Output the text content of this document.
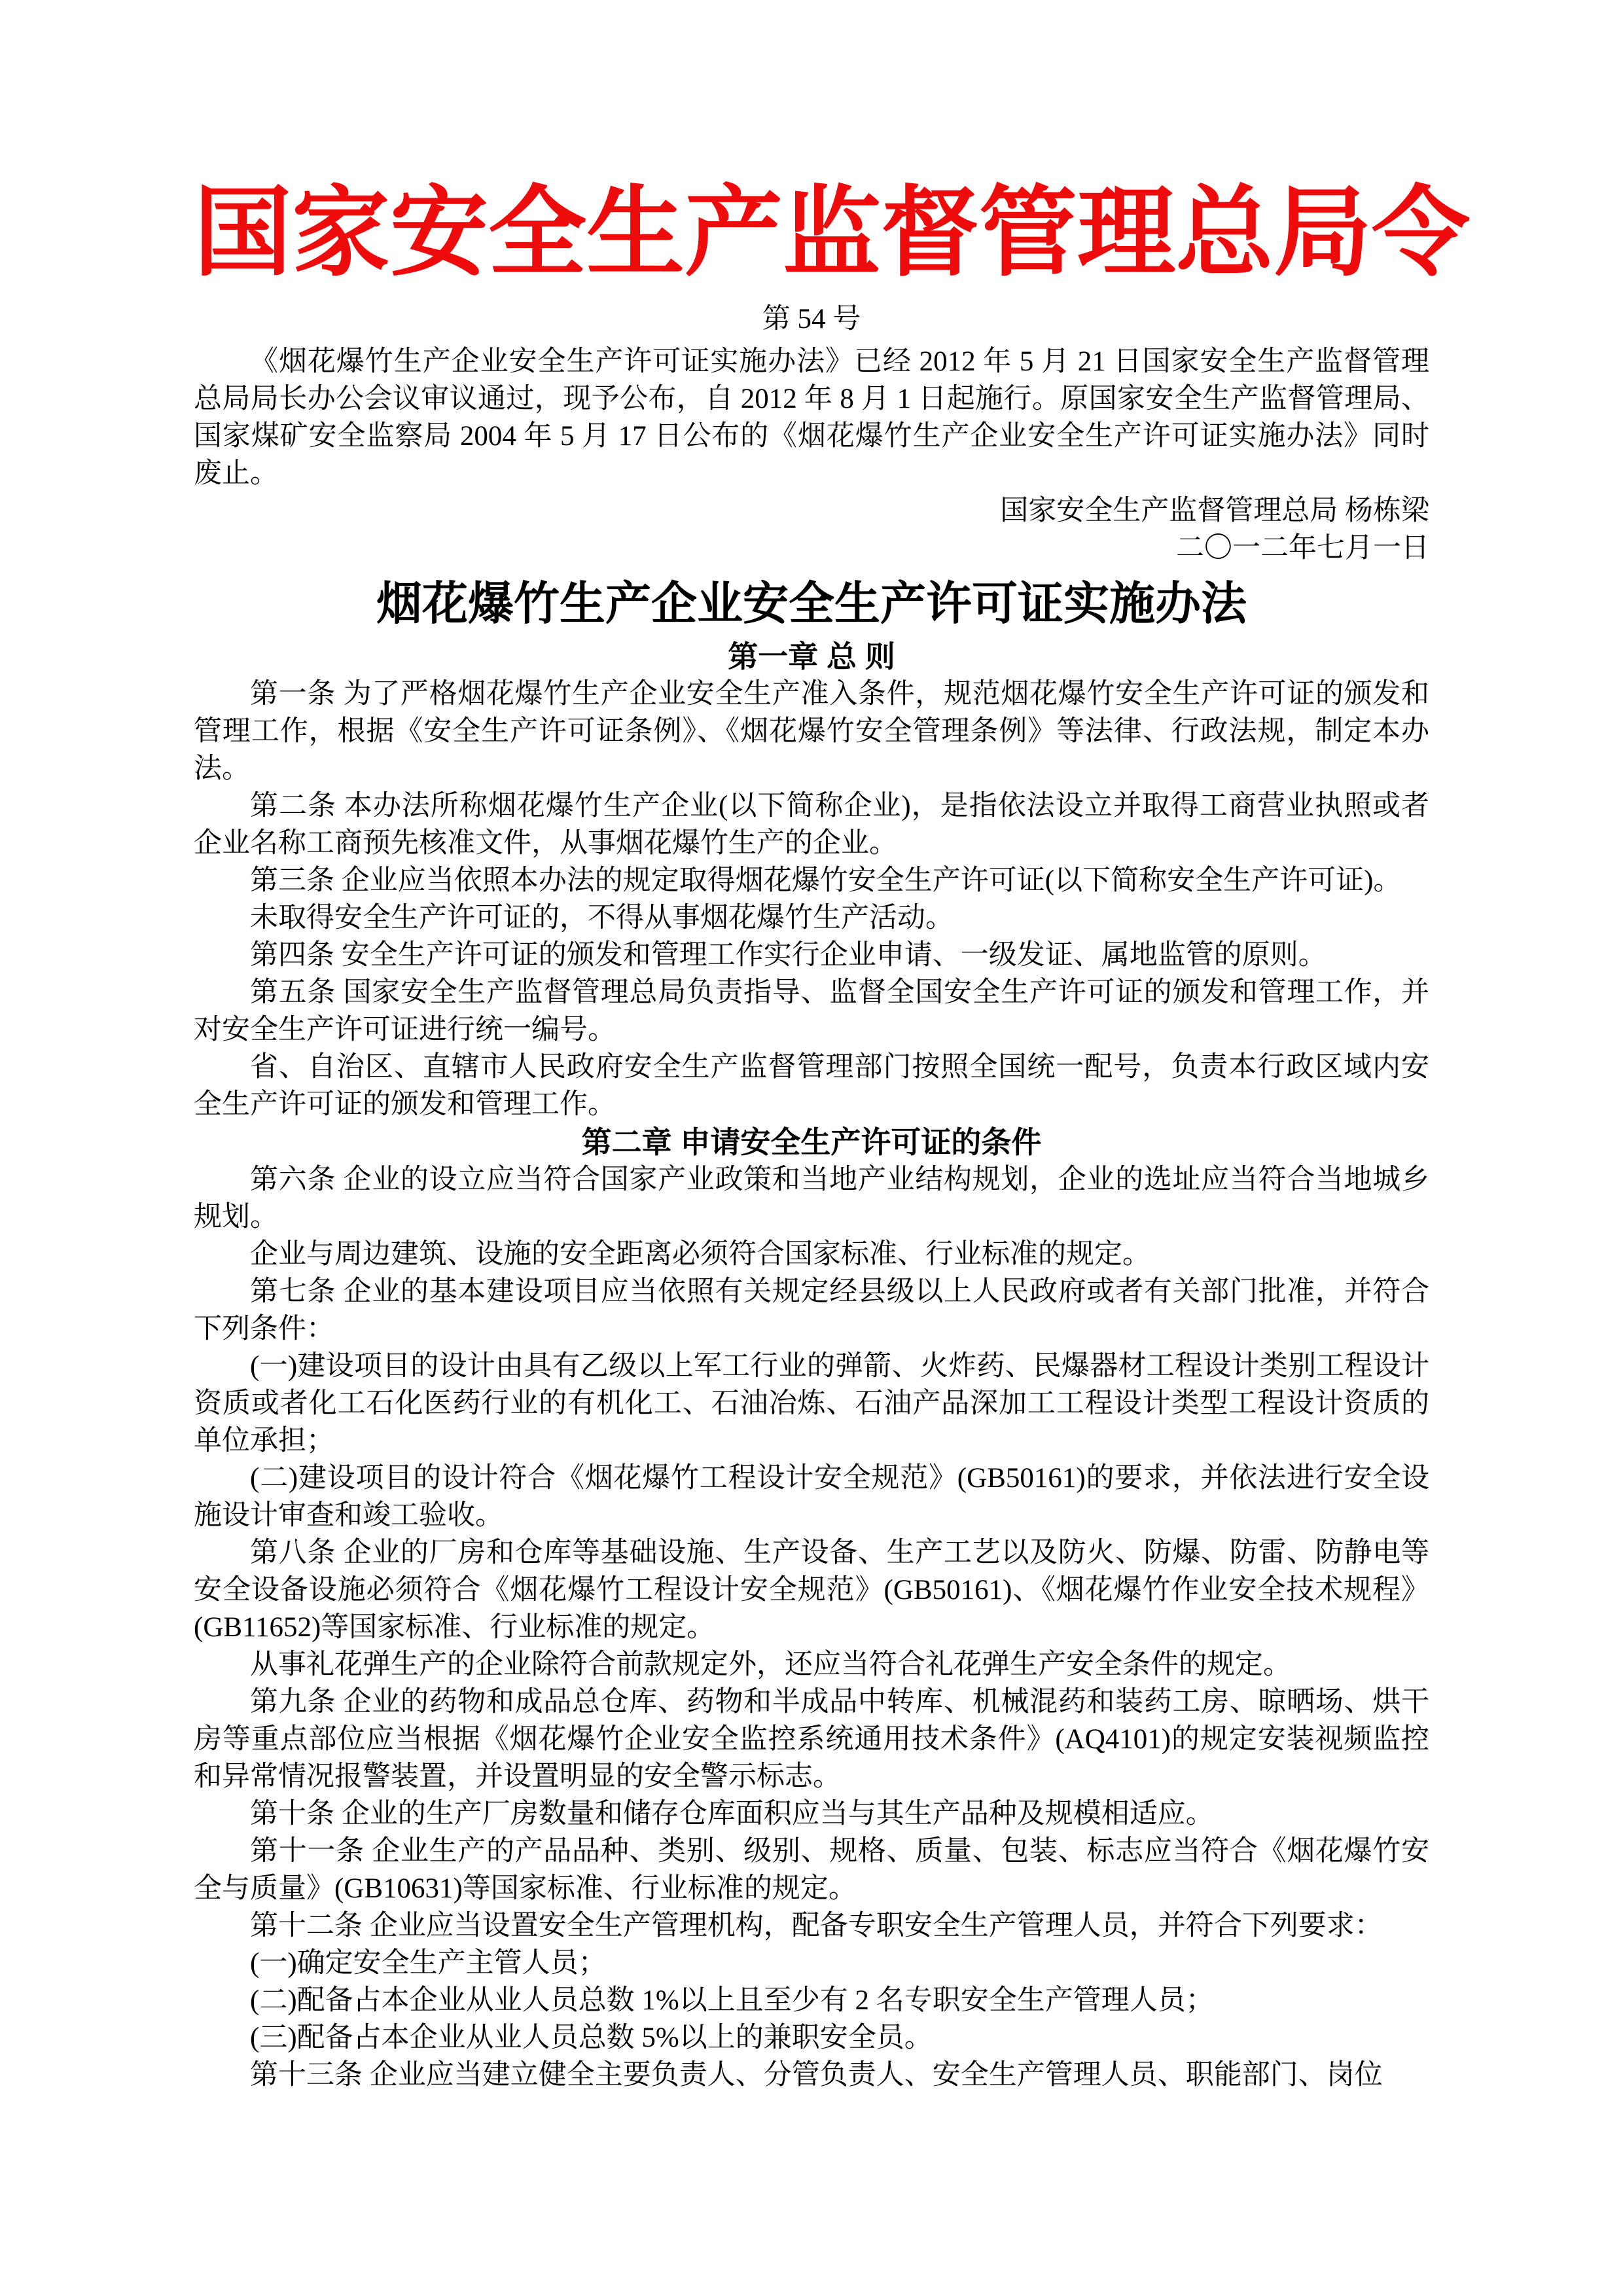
国家安全生产监督管理总局令

第 54 号

《烟花爆竹生产企业安全生产许可证实施办法》已经 2012 年 5 月 21 日国家安全生产监督管理总局局长办公会议审议通过，现予公布，自 2012 年 8 月 1 日起施行。原国家安全生产监督管理局、国家煤矿安全监察局 2004 年 5 月 17 日公布的《烟花爆竹生产企业安全生产许可证实施办法》同时废止。

国家安全生产监督管理总局 杨栋梁

二〇一二年七月一日

烟花爆竹生产企业安全生产许可证实施办法
第一章 总 则

第一条 为了严格烟花爆竹生产企业安全生产准入条件，规范烟花爆竹安全生产许可证的颁发和管理工作，根据《安全生产许可证条例》、《烟花爆竹安全管理条例》等法律、行政法规，制定本办法。

第二条 本办法所称烟花爆竹生产企业(以下简称企业)，是指依法设立并取得工商营业执照或者企业名称工商预先核准文件，从事烟花爆竹生产的企业。

第三条 企业应当依照本办法的规定取得烟花爆竹安全生产许可证(以下简称安全生产许可证)。

未取得安全生产许可证的，不得从事烟花爆竹生产活动。

第四条 安全生产许可证的颁发和管理工作实行企业申请、一级发证、属地监管的原则。

第五条 国家安全生产监督管理总局负责指导、监督全国安全生产许可证的颁发和管理工作，并对安全生产许可证进行统一编号。

省、自治区、直辖市人民政府安全生产监督管理部门按照全国统一配号，负责本行政区域内安全生产许可证的颁发和管理工作。

第二章 申请安全生产许可证的条件

第六条 企业的设立应当符合国家产业政策和当地产业结构规划，企业的选址应当符合当地城乡规划。

企业与周边建筑、设施的安全距离必须符合国家标准、行业标准的规定。

第七条 企业的基本建设项目应当依照有关规定经县级以上人民政府或者有关部门批准，并符合下列条件：

(一)建设项目的设计由具有乙级以上军工行业的弹箭、火炸药、民爆器材工程设计类别工程设计资质或者化工石化医药行业的有机化工、石油冶炼、石油产品深加工工程设计类型工程设计资质的单位承担；

(二)建设项目的设计符合《烟花爆竹工程设计安全规范》(GB50161)的要求，并依法进行安全设施设计审查和竣工验收。

第八条 企业的厂房和仓库等基础设施、生产设备、生产工艺以及防火、防爆、防雷、防静电等安全设备设施必须符合《烟花爆竹工程设计安全规范》(GB50161)、《烟花爆竹作业安全技术规程》(GB11652)等国家标准、行业标准的规定。

从事礼花弹生产的企业除符合前款规定外，还应当符合礼花弹生产安全条件的规定。

第九条 企业的药物和成品总仓库、药物和半成品中转库、机械混药和装药工房、晾晒场、烘干房等重点部位应当根据《烟花爆竹企业安全监控系统通用技术条件》(AQ4101)的规定安装视频监控和异常情况报警装置，并设置明显的安全警示标志。

第十条 企业的生产厂房数量和储存仓库面积应当与其生产品种及规模相适应。

第十一条 企业生产的产品品种、类别、级别、规格、质量、包装、标志应当符合《烟花爆竹安全与质量》(GB10631)等国家标准、行业标准的规定。

第十二条 企业应当设置安全生产管理机构，配备专职安全生产管理人员，并符合下列要求：

(一)确定安全生产主管人员；

(二)配备占本企业从业人员总数 1%以上且至少有 2 名专职安全生产管理人员；

(三)配备占本企业从业人员总数 5%以上的兼职安全员。

第十三条 企业应当建立健全主要负责人、分管负责人、安全生产管理人员、职能部门、岗位
